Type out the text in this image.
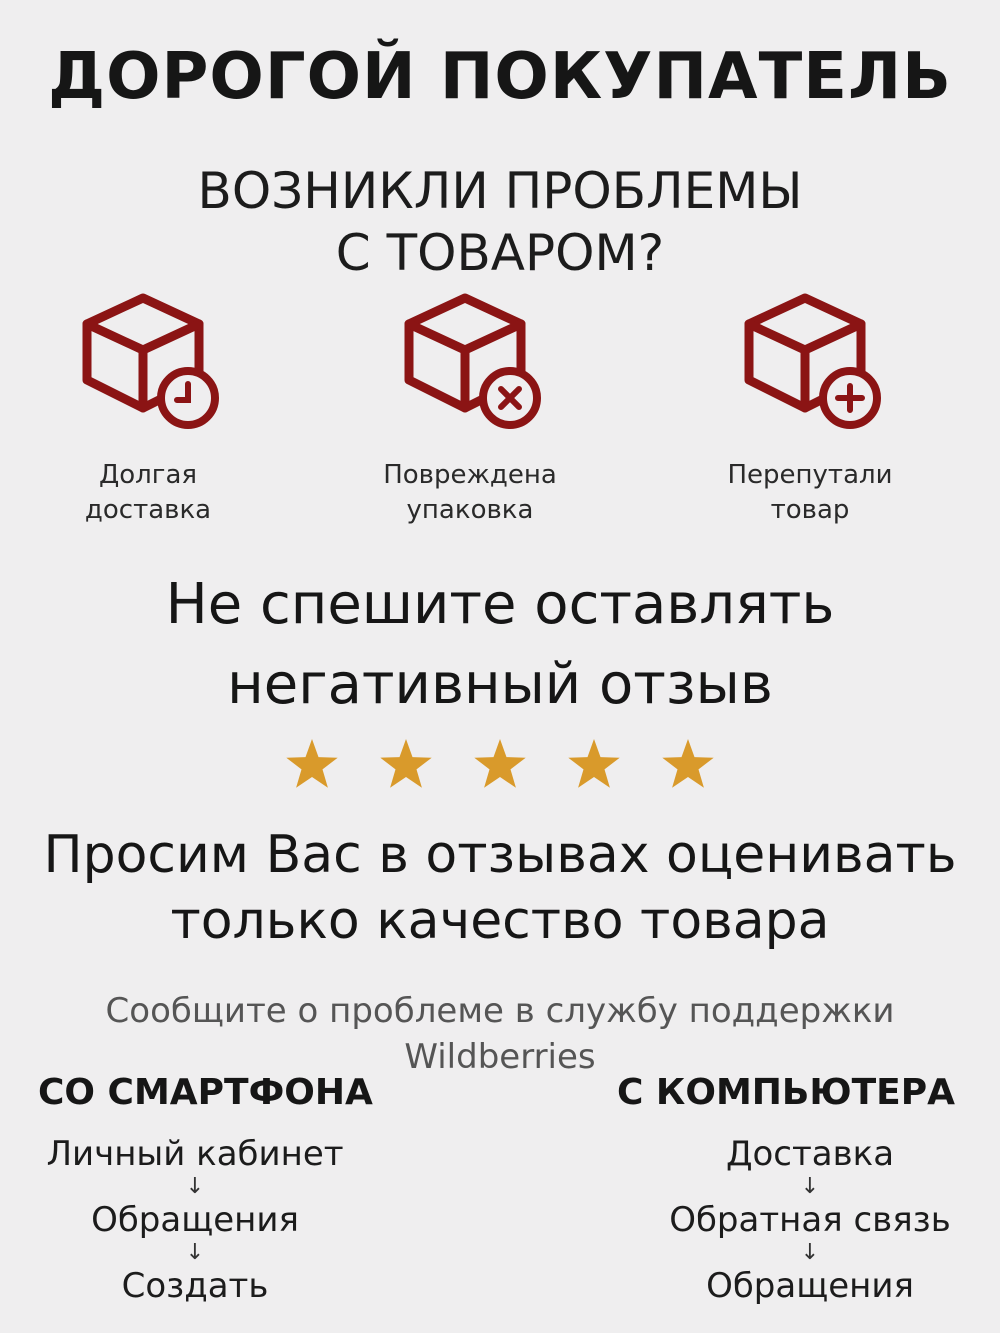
ДОРОГОЙ ПОКУПАТЕЛЬ
ВОЗНИКЛИ ПРОБЛЕМЫ
С ТОВАРОМ?
Долгая
доставка
Повреждена
упаковка
Перепутали
товар
Не спешите оставлять
негативный отзыв
Просим Вас в отзывах оценивать
только качество товара
Сообщите о проблеме в службу поддержки
Wildberries
СО СМАРТФОНА
Личный кабинет
↓
Обращения
↓
Создать
С КОМПЬЮТЕРА
Доставка
↓
Обратная связь
↓
Обращения
